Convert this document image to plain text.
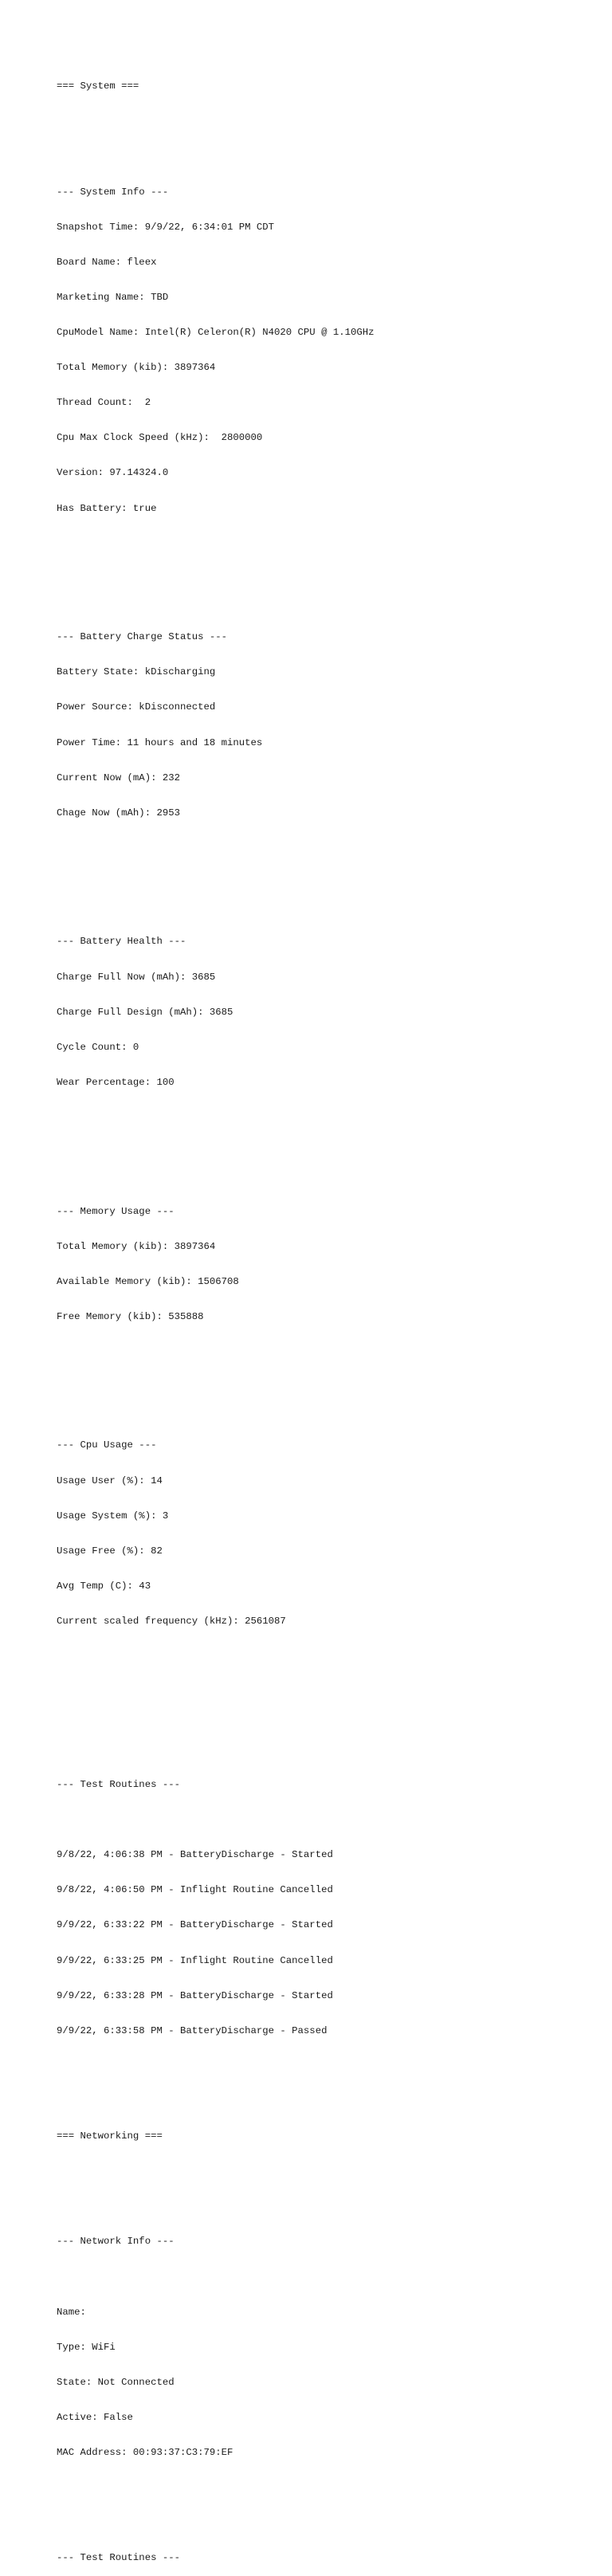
=== System ===

--- System Info ---

Snapshot Time: 9/9/22, 6:34:01 PM CDT

Board Name: fleex

Marketing Name: TBD

CpuModel Name: Intel(R) Celeron(R) N4020 CPU @ 1.10GHz

Total Memory (kib): 3897364

Thread Count:  2

Cpu Max Clock Speed (kHz):  2800000

Version: 97.14324.0

Has Battery: true

--- Battery Charge Status ---

Battery State: kDischarging

Power Source: kDisconnected

Power Time: 11 hours and 18 minutes

Current Now (mA): 232

Chage Now (mAh): 2953

--- Battery Health ---

Charge Full Now (mAh): 3685

Charge Full Design (mAh): 3685

Cycle Count: 0

Wear Percentage: 100

--- Memory Usage ---

Total Memory (kib): 3897364

Available Memory (kib): 1506708

Free Memory (kib): 535888

--- Cpu Usage ---

Usage User (%): 14

Usage System (%): 3

Usage Free (%): 82

Avg Temp (C): 43

Current scaled frequency (kHz): 2561087

--- Test Routines ---

9/8/22, 4:06:38 PM - BatteryDischarge - Started

9/8/22, 4:06:50 PM - Inflight Routine Cancelled

9/9/22, 6:33:22 PM - BatteryDischarge - Started

9/9/22, 6:33:25 PM - Inflight Routine Cancelled

9/9/22, 6:33:28 PM - BatteryDischarge - Started

9/9/22, 6:33:58 PM - BatteryDischarge - Passed

=== Networking ===

--- Network Info ---

Name:

Type: WiFi

State: Not Connected

Active: False

MAC Address: 00:93:37:C3:79:EF

--- Test Routines ---
